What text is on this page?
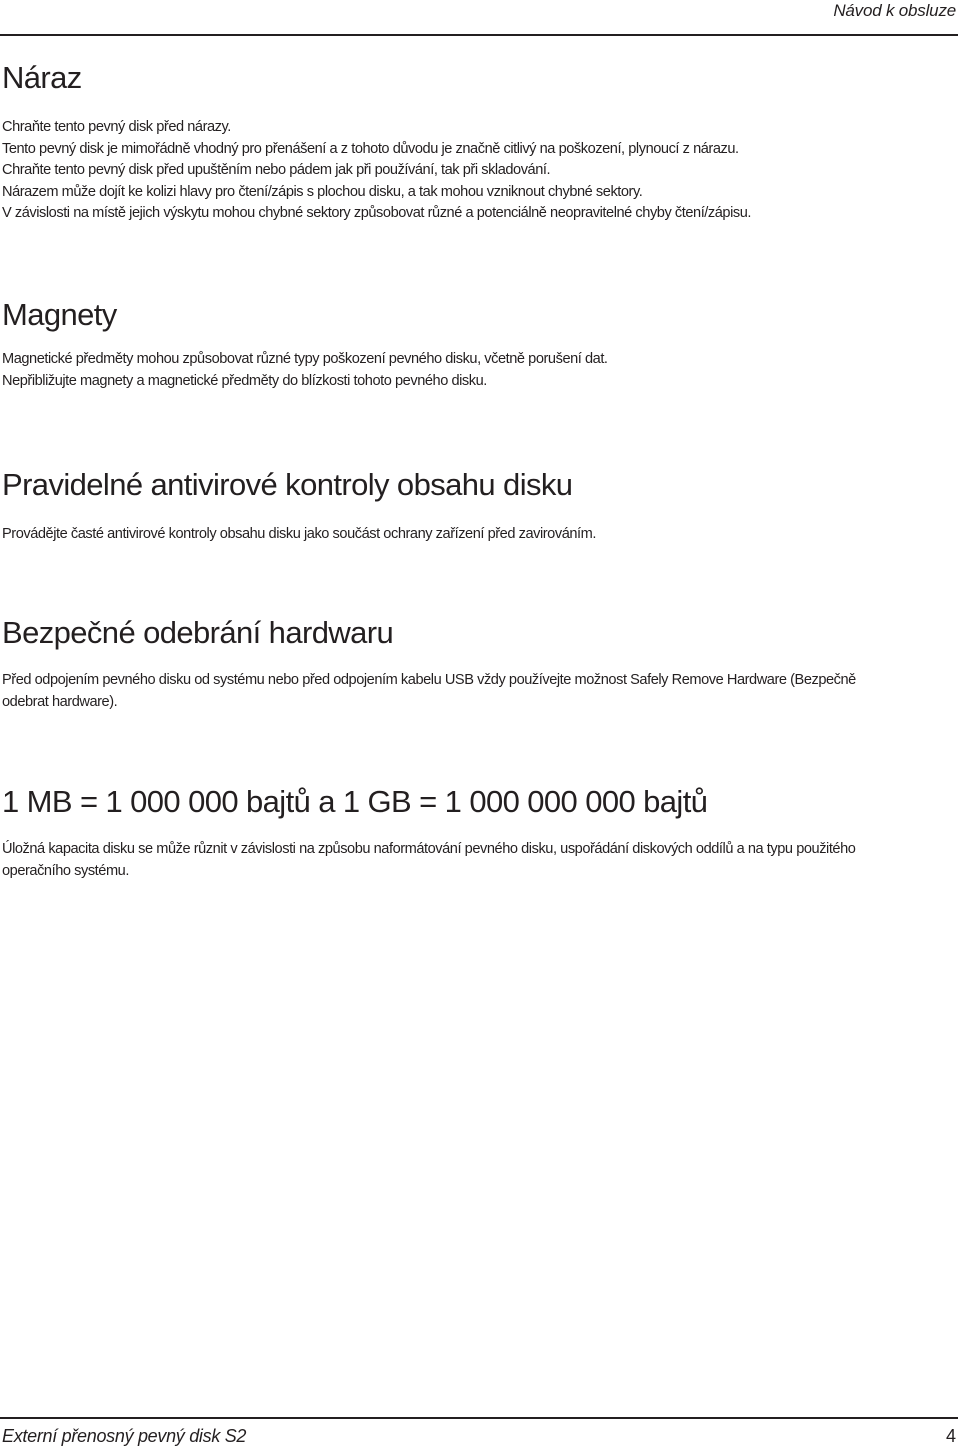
Návod k obsluze
Náraz

Chraňte tento pevný disk před nárazy.

Tento pevný disk je mimořádně vhodný pro přenášení a z tohoto důvodu je značně citlivý na poškození, plynoucí z nárazu.

Chraňte tento pevný disk před upuštěním nebo pádem jak při používání, tak při skladování.

Nárazem může dojít ke kolizi hlavy pro čtení/zápis s plochou disku, a tak mohou vzniknout chybné sektory.

V závislosti na místě jejich výskytu mohou chybné sektory způsobovat různé a potenciálně neopravitelné chyby čtení/zápisu.

Magnety

Magnetické předměty mohou způsobovat různé typy poškození pevného disku, včetně porušení dat.

Nepřibližujte magnety a magnetické předměty do blízkosti tohoto pevného disku.

Pravidelné antivirové kontroly obsahu disku

Provádějte časté antivirové kontroly obsahu disku jako součást ochrany zařízení před zavirováním.

Bezpečné odebrání hardwaru

Před odpojením pevného disku od systému nebo před odpojením kabelu USB vždy používejte možnost Safely Remove Hardware (Bezpečně

odebrat hardware).

1 MB = 1 000 000 bajtů a 1 GB = 1 000 000 000 bajtů

Úložná kapacita disku se může různit v závislosti na způsobu naformátování pevného disku, uspořádání diskových oddílů a na typu použitého

operačního systému.

Externí přenosný pevný disk S2	4
